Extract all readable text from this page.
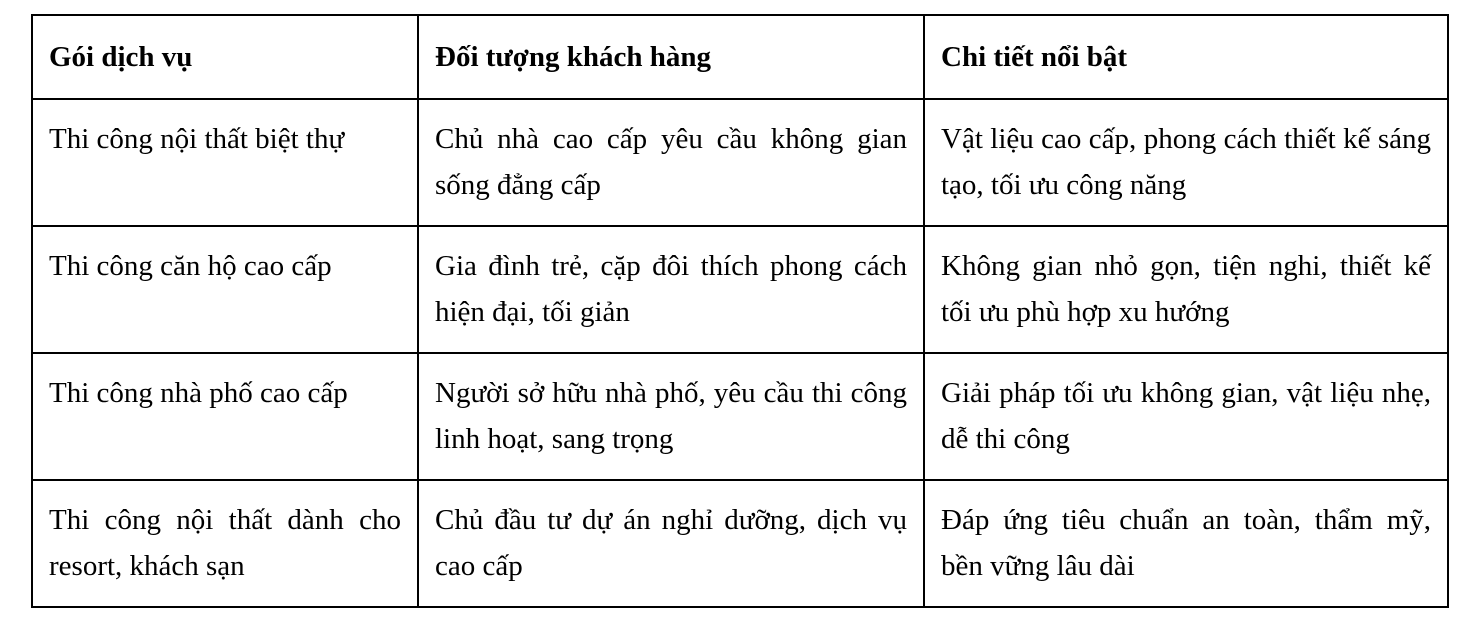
Gói dịch vụ	Đối tượng khách hàng	Chi tiết nổi bật
Thi công nội thất biệt thự	Chủ nhà cao cấp yêu cầu không gian sống đẳng cấp	Vật liệu cao cấp, phong cách thiết kế sáng tạo, tối ưu công năng
Thi công căn hộ cao cấp	Gia đình trẻ, cặp đôi thích phong cách hiện đại, tối giản	Không gian nhỏ gọn, tiện nghi, thiết kế tối ưu phù hợp xu hướng
Thi công nhà phố cao cấp	Người sở hữu nhà phố, yêu cầu thi công linh hoạt, sang trọng	Giải pháp tối ưu không gian, vật liệu nhẹ, dễ thi công
Thi công nội thất dành cho resort, khách sạn	Chủ đầu tư dự án nghỉ dưỡng, dịch vụ cao cấp	Đáp ứng tiêu chuẩn an toàn, thẩm mỹ, bền vững lâu dài
